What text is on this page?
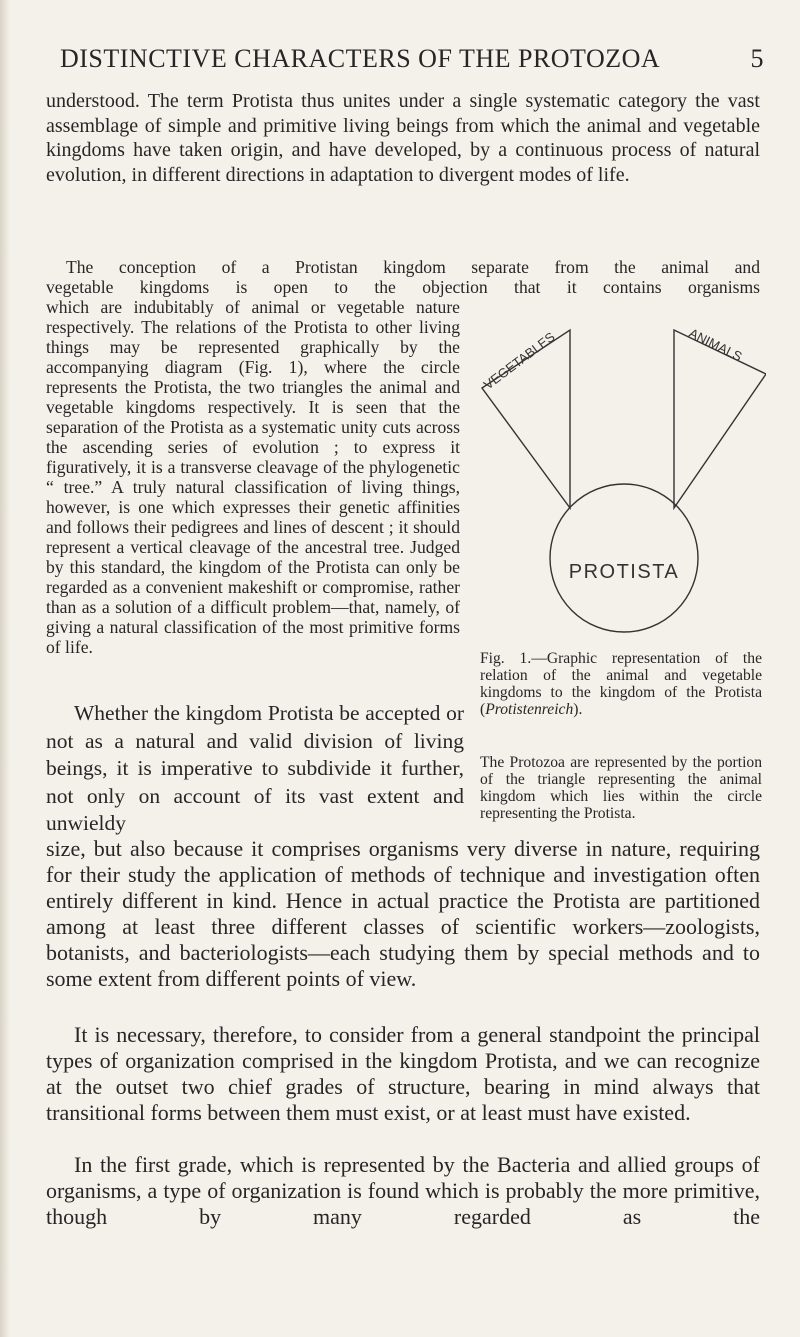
DISTINCTIVE CHARACTERS OF THE PROTOZOA	5

understood. The term Protista thus unites under a single systematic category the vast assemblage of simple and primitive living beings from which the animal and vegetable kingdoms have taken origin, and have developed, by a continuous process of natural evolution, in different directions in adaptation to divergent modes of life.

The conception of a Protistan kingdom separate from the animal and

vegetable kingdoms is open to the objection that it contains organisms

which are indubitably of animal or vegetable nature respectively. The relations of the Protista to other living things may be represented graphically by the accompanying diagram (Fig. 1), where the circle represents the Protista, the two triangles the animal and vegetable kingdoms respectively. It is seen that the separation of the Protista as a systematic unity cuts across the ascending series of evolution ; to express it figuratively, it is a transverse cleavage of the phylogenetic “ tree.” A truly natural classification of living things, however, is one which expresses their genetic affinities and follows their pedigrees and lines of descent ; it should represent a vertical cleavage of the ancestral tree. Judged by this standard, the kingdom of the Protista can only be regarded as a convenient makeshift or compromise, rather than as a solution of a difficult problem—that, namely, of giving a natural classification of the most primitive forms of life.

Whether the kingdom Protista be accepted or not as a natural and valid division of living beings, it is imperative to subdivide it further, not only on account of its vast extent and unwieldy

size, but also because it comprises organisms very diverse in nature, requiring for their study the application of methods of technique and investigation often entirely different in kind. Hence in actual practice the Protista are partitioned among at least three different classes of scientific workers—zoologists, botanists, and bacteriologists—each studying them by special methods and to some extent from different points of view.

It is necessary, therefore, to consider from a general standpoint the principal types of organization comprised in the kingdom Protista, and we can recognize at the outset two chief grades of structure, bearing in mind always that transitional forms between them must exist, or at least must have existed.

In the first grade, which is represented by the Bacteria and allied groups of organisms, a type of organization is found which is probably the more primitive, though by many regarded as the

VEGETABLES	ANIMALS
PROTISTA

Fig. 1.—Graphic representation of the relation of the animal and vegetable kingdoms to the kingdom of the Protista (Protistenreich).

The Protozoa are represented by the portion of the triangle representing the animal kingdom which lies within the circle representing the Protista.
